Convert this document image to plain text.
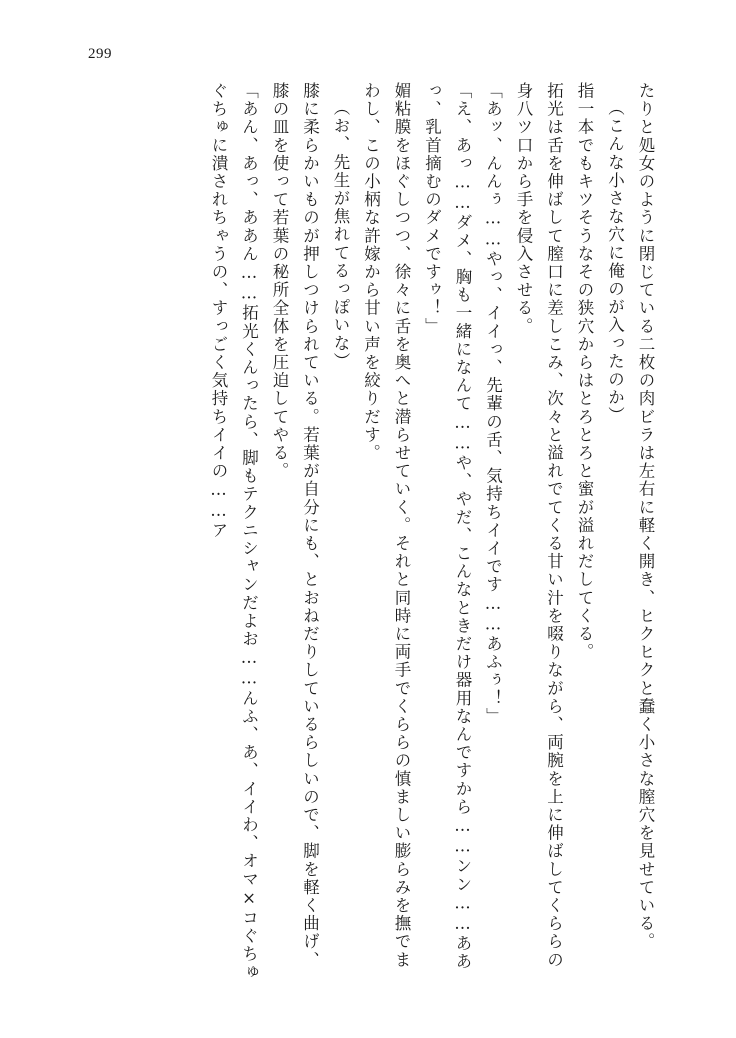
299

たりと処女のように閉じている二枚の肉ビラは左右に軽く開き、ヒクヒクと蠢く小さな膣穴を見せている。

（こんな小さな穴に俺のが入ったのか）

指一本でもキツそうなその狭穴からはとろとろと蜜が溢れだしてくる。

拓光は舌を伸ばして膣口に差しこみ、次々と溢れでてくる甘い汁を啜りながら、両腕を上に伸ばしてくららの身八ツ口から手を侵入させる。

「あッ、んんぅ……やっ、イイっ、先輩の舌、気持ちイイです……あふぅ！」

「え、あっ……ダメ、胸も一緒になんて……や、やだ、こんなときだけ器用なんですから……ンン……ああっ、乳首摘むのダメですゥ！」

媚粘膜をほぐしつつ、徐々に舌を奥へと潜らせていく。それと同時に両手でくららの慎ましい膨らみを撫でまわし、この小柄な許嫁から甘い声を絞りだす。

（お、先生が焦れてるっぽいな）

膝に柔らかいものが押しつけられている。若葉が自分にも、とおねだりしているらしいので、脚を軽く曲げ、膝の皿を使って若葉の秘所全体を圧迫してやる。

「あん、あっ、ああん……拓光くんったら、脚もテクニシャンだよお……んふ、あ、イイわ、オマ×コぐちゅぐちゅに潰されちゃうの、すっごく気持ちイイの……ア
